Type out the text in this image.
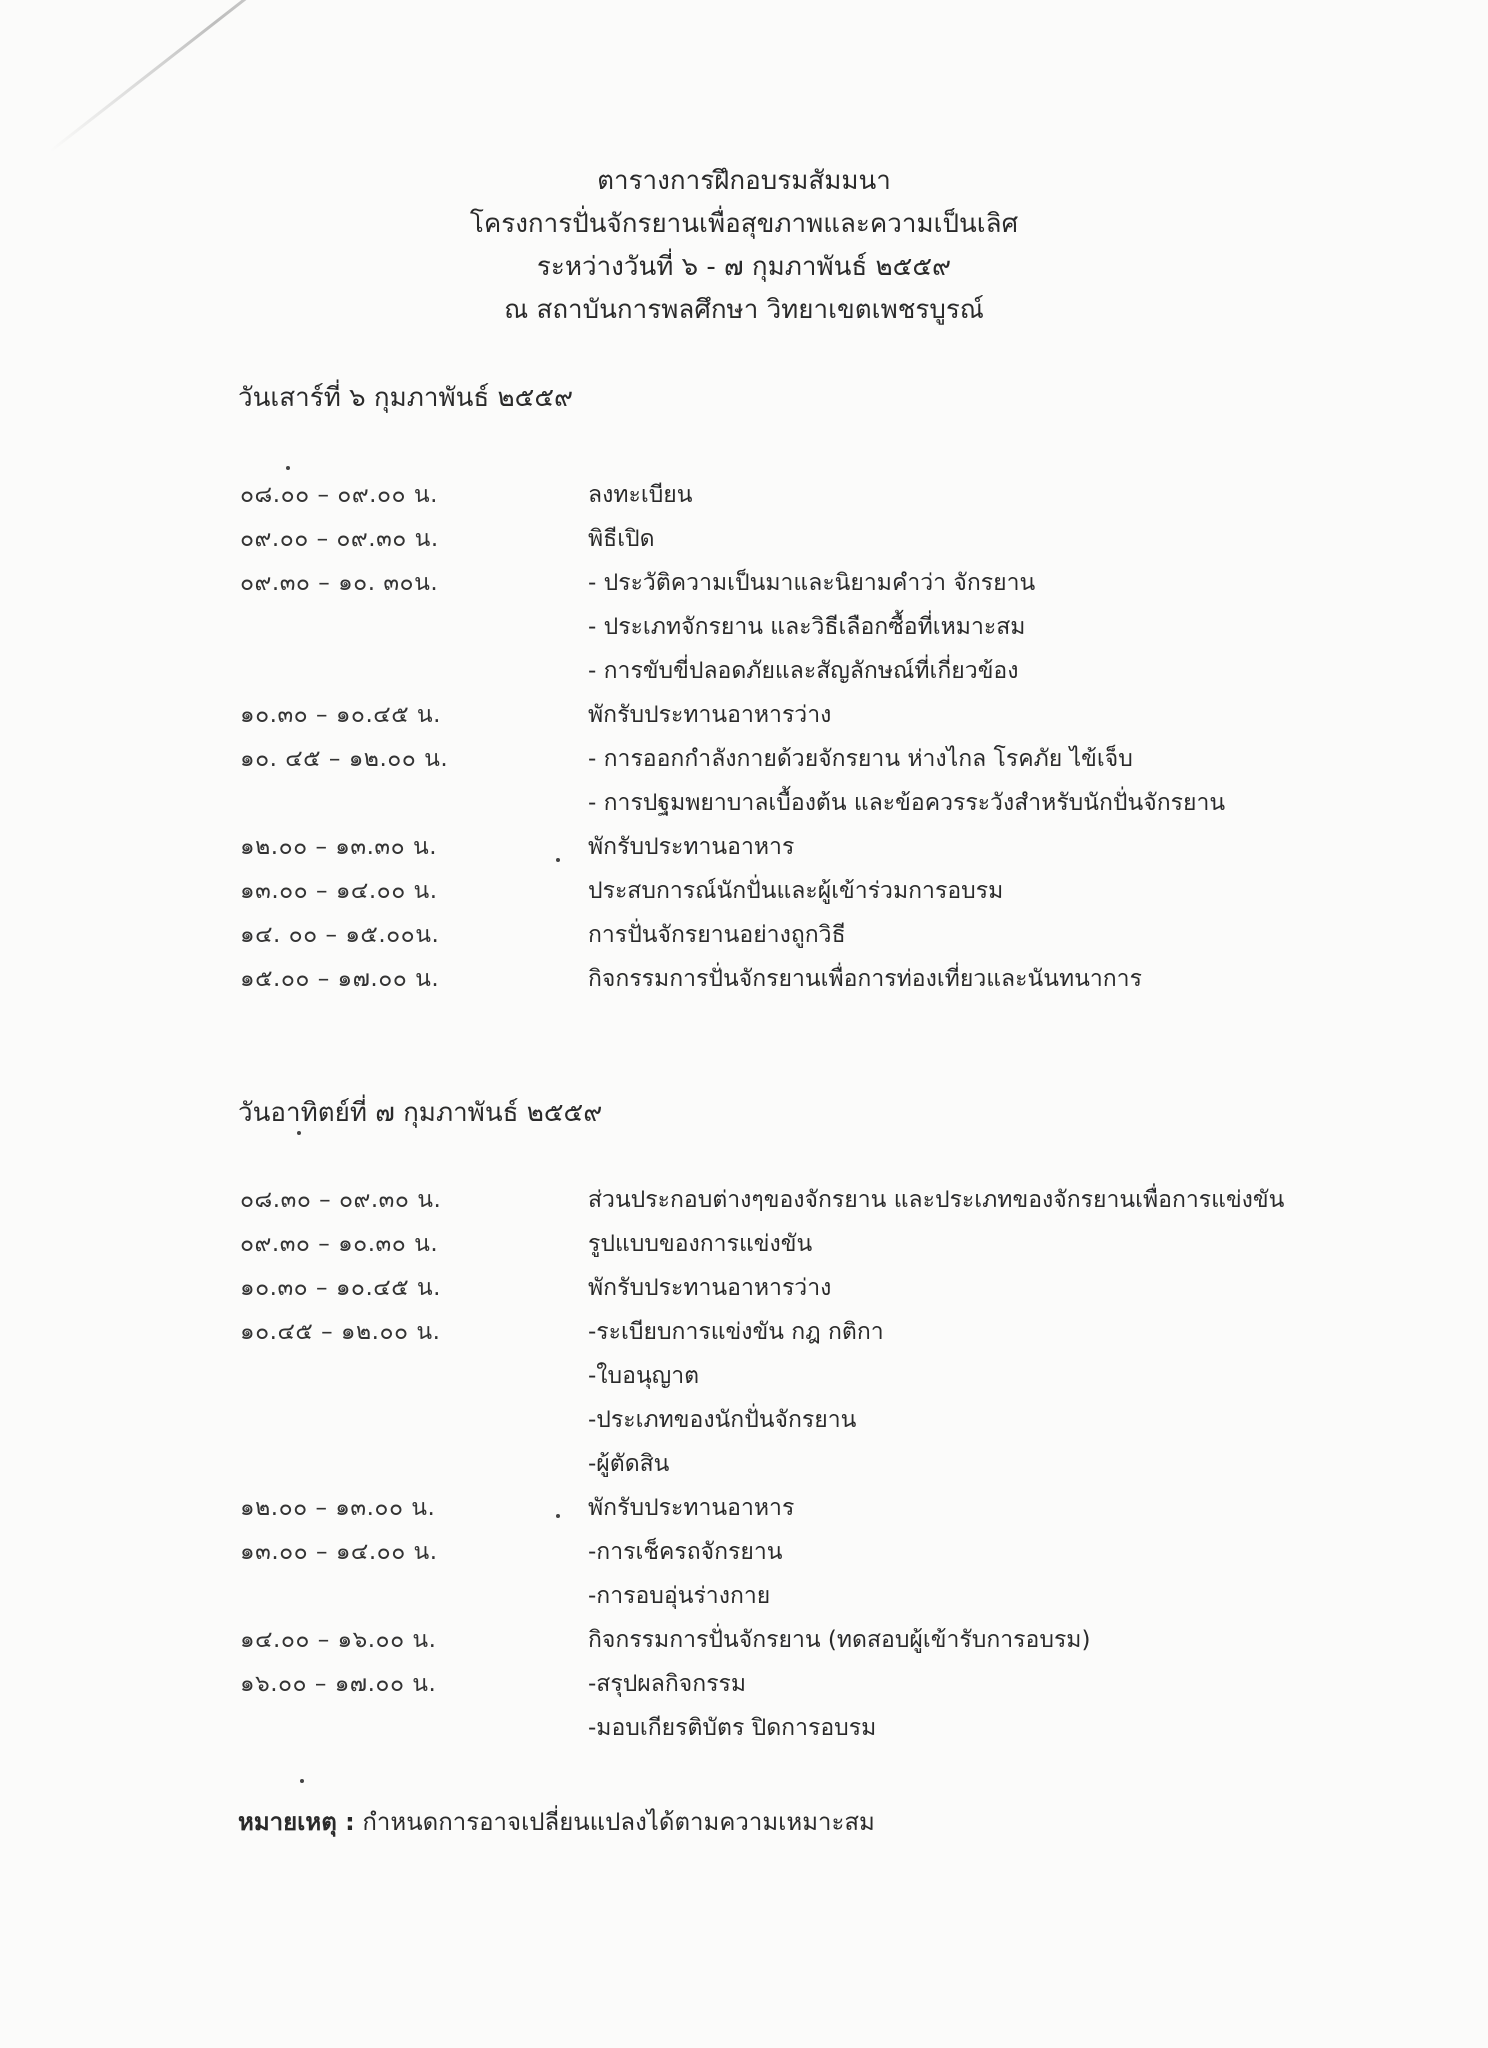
ตารางการฝึกอบรมสัมมนา
โครงการปั่นจักรยานเพื่อสุขภาพและความเป็นเลิศ
ระหว่างวันที่ ๖ - ๗ กุมภาพันธ์ ๒๕๕๙
ณ สถาบันการพลศึกษา วิทยาเขตเพชรบูรณ์
วันเสาร์ที่ ๖ กุมภาพันธ์ ๒๕๕๙
๐๘.๐๐ – ๐๙.๐๐ น.	ลงทะเบียน
๐๙.๐๐ – ๐๙.๓๐ น.	พิธีเปิด
๐๙.๓๐ – ๑๐. ๓๐น.	- ประวัติความเป็นมาและนิยามคำว่า จักรยาน
- ประเภทจักรยาน และวิธีเลือกซื้อที่เหมาะสม
- การขับขี่ปลอดภัยและสัญลักษณ์ที่เกี่ยวข้อง
๑๐.๓๐ – ๑๐.๔๕ น.	พักรับประทานอาหารว่าง
๑๐. ๔๕ – ๑๒.๐๐ น.	- การออกกำลังกายด้วยจักรยาน ห่างไกล โรคภัย ไข้เจ็บ
- การปฐมพยาบาลเบื้องต้น และข้อควรระวังสำหรับนักปั่นจักรยาน
๑๒.๐๐ – ๑๓.๓๐ น.	พักรับประทานอาหาร
๑๓.๐๐ – ๑๔.๐๐ น.	ประสบการณ์นักปั่นและผู้เข้าร่วมการอบรม
๑๔. ๐๐ – ๑๕.๐๐น.	การปั่นจักรยานอย่างถูกวิธี
๑๕.๐๐ – ๑๗.๐๐ น.	กิจกรรมการปั่นจักรยานเพื่อการท่องเที่ยวและนันทนาการ
วันอาทิตย์ที่ ๗ กุมภาพันธ์ ๒๕๕๙
๐๘.๓๐ – ๐๙.๓๐ น.	ส่วนประกอบต่างๆของจักรยาน และประเภทของจักรยานเพื่อการแข่งขัน
๐๙.๓๐ – ๑๐.๓๐ น.	รูปแบบของการแข่งขัน
๑๐.๓๐ – ๑๐.๔๕ น.	พักรับประทานอาหารว่าง
๑๐.๔๕ – ๑๒.๐๐ น.	-ระเบียบการแข่งขัน กฎ กติกา
-ใบอนุญาต
-ประเภทของนักปั่นจักรยาน
-ผู้ตัดสิน
๑๒.๐๐ – ๑๓.๐๐ น.	พักรับประทานอาหาร
๑๓.๐๐ – ๑๔.๐๐ น.	-การเช็ครถจักรยาน
-การอบอุ่นร่างกาย
๑๔.๐๐ – ๑๖.๐๐ น.	กิจกรรมการปั่นจักรยาน (ทดสอบผู้เข้ารับการอบรม)
๑๖.๐๐ – ๑๗.๐๐ น.	-สรุปผลกิจกรรม
-มอบเกียรติบัตร ปิดการอบรม
หมายเหตุ : กำหนดการอาจเปลี่ยนแปลงได้ตามความเหมาะสม
